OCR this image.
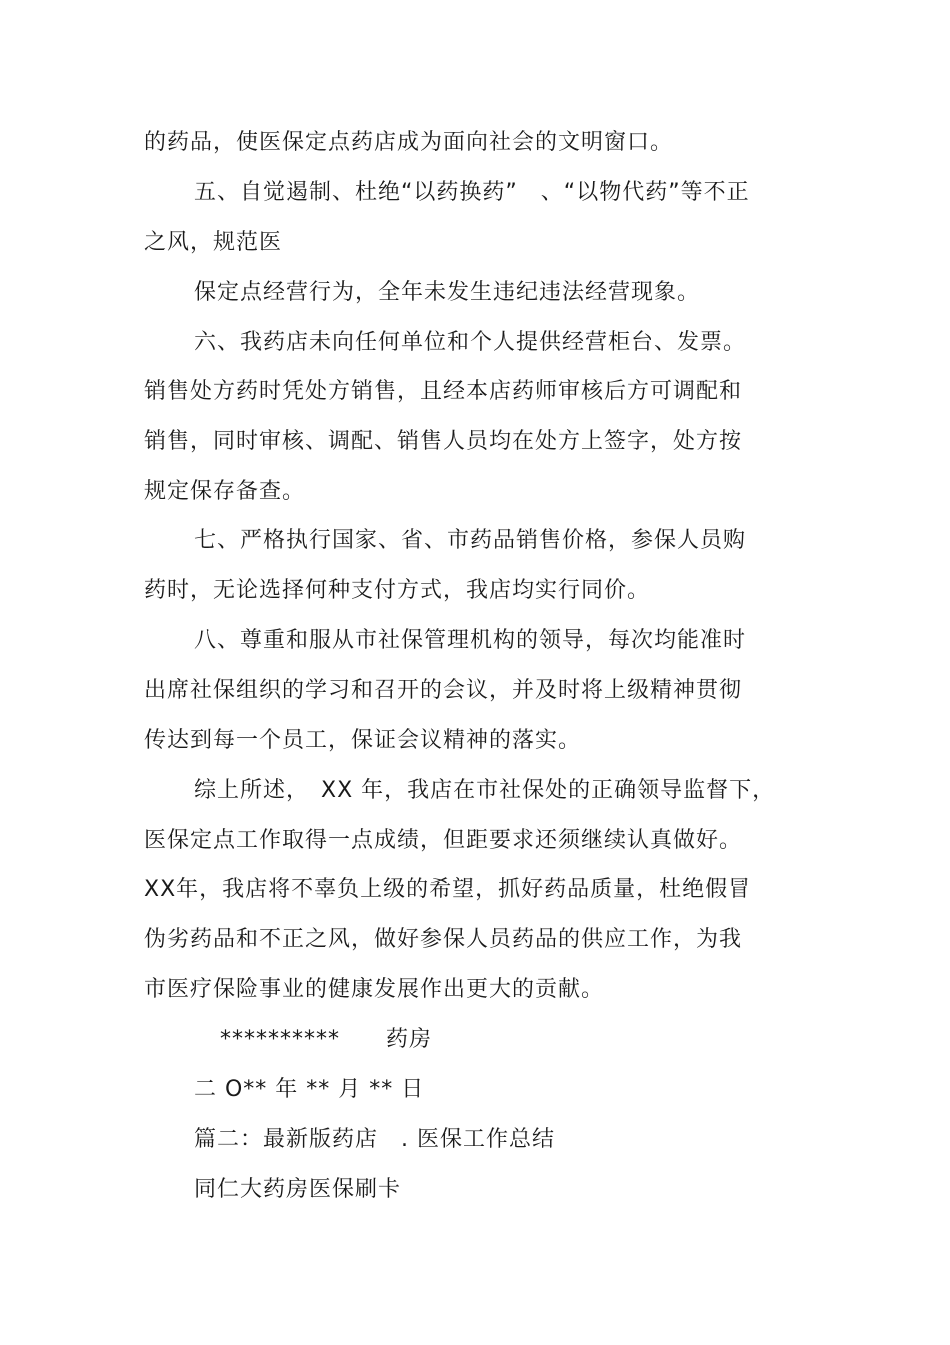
的药品，使医保定点药店成为面向社会的文明窗口。
五、自觉遏制、杜绝“以药换药”　、“以物代药”等不正
之风，规范医
保定点经营行为，全年未发生违纪违法经营现象。
六、我药店未向任何单位和个人提供经营柜台、发票。
销售处方药时凭处方销售，且经本店药师审核后方可调配和
销售，同时审核、调配、销售人员均在处方上签字，处方按
规定保存备查。
七、严格执行国家、省、市药品销售价格，参保人员购
药时，无论选择何种支付方式，我店均实行同价。
八、尊重和服从市社保管理机构的领导，每次均能准时
出席社保组织的学习和召开的会议，并及时将上级精神贯彻
传达到每一个员工，保证会议精神的落实。
综上所述，　XX 年，我店在市社保处的正确领导监督下，
医保定点工作取得一点成绩，但距要求还须继续认真做好。
XX年，我店将不辜负上级的希望，抓好药品质量，杜绝假冒
伪劣药品和不正之风，做好参保人员药品的供应工作，为我
市医疗保险事业的健康发展作出更大的贡献。
**********　　药房
二 O** 年 ** 月 ** 日
篇二：最新版药店　. 医保工作总结
同仁大药房医保刷卡
